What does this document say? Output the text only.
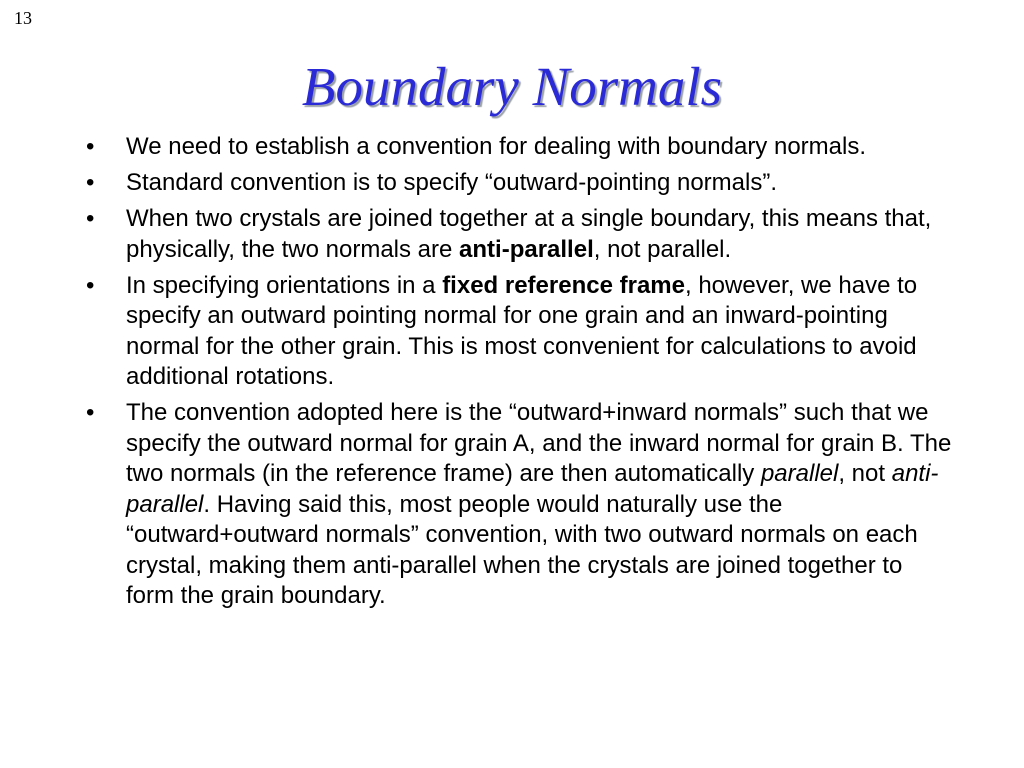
13
Boundary Normals
• We need to establish a convention for dealing with boundary normals.
• Standard convention is to specify “outward-pointing normals”.
• When two crystals are joined together at a single boundary, this means that, physically, the two normals are anti-parallel, not parallel.
• In specifying orientations in a fixed reference frame, however, we have to specify an outward pointing normal for one grain and an inward-pointing normal for the other grain. This is most convenient for calculations to avoid additional rotations.
• The convention adopted here is the “outward+inward normals” such that we specify the outward normal for grain A, and the inward normal for grain B. The two normals (in the reference frame) are then automatically parallel, not anti-parallel. Having said this, most people would naturally use the “outward+outward normals” convention, with two outward normals on each crystal, making them anti-parallel when the crystals are joined together to form the grain boundary.
